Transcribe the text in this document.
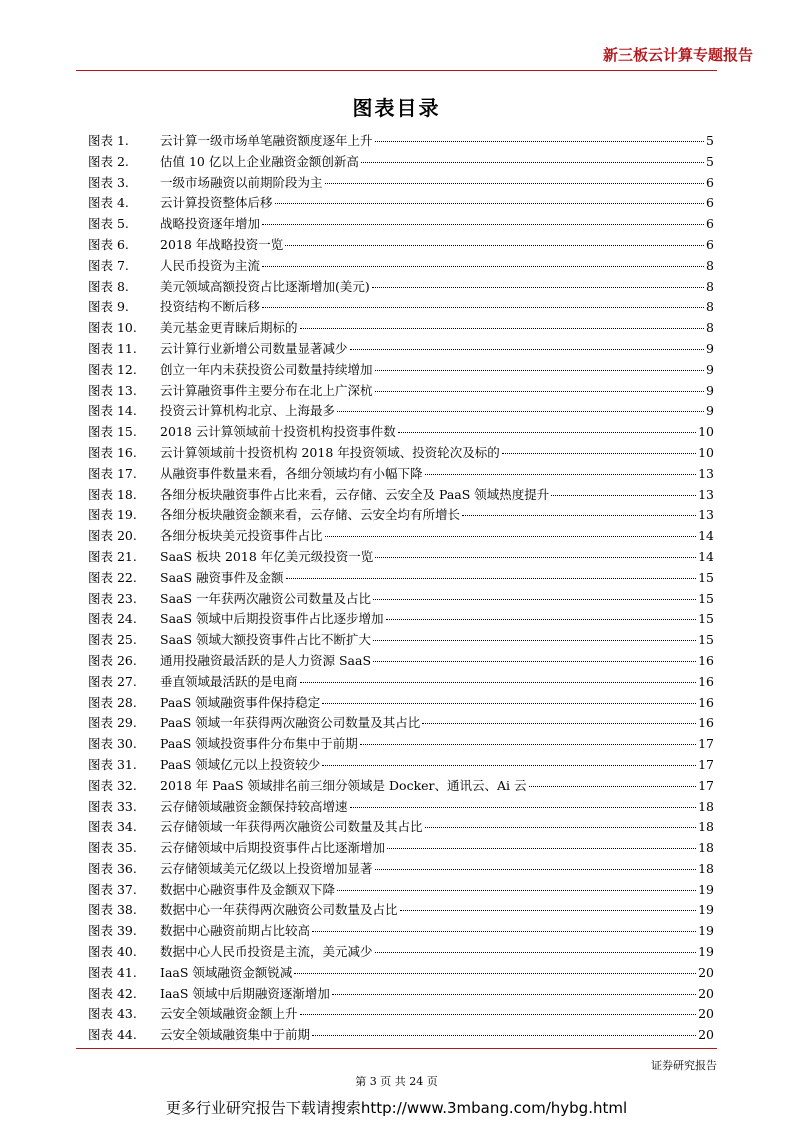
新三板云计算专题报告
图表目录
图表 1.	云计算一级市场单笔融资额度逐年上升	5
图表 2.	估值 10 亿以上企业融资金额创新高	5
图表 3.	一级市场融资以前期阶段为主	6
图表 4.	云计算投资整体后移	6
图表 5.	战略投资逐年增加	6
图表 6.	2018 年战略投资一览	6
图表 7.	人民币投资为主流	8
图表 8.	美元领域高额投资占比逐渐增加(美元)	8
图表 9.	投资结构不断后移	8
图表 10.	美元基金更青睐后期标的	8
图表 11.	云计算行业新增公司数量显著减少	9
图表 12.	创立一年内未获投资公司数量持续增加	9
图表 13.	云计算融资事件主要分布在北上广深杭	9
图表 14.	投资云计算机构北京、上海最多	9
图表 15.	2018 云计算领域前十投资机构投资事件数	10
图表 16.	云计算领域前十投资机构 2018 年投资领域、投资轮次及标的	10
图表 17.	从融资事件数量来看，各细分领域均有小幅下降	13
图表 18.	各细分板块融资事件占比来看，云存储、云安全及 PaaS 领域热度提升	13
图表 19.	各细分板块融资金额来看，云存储、云安全均有所增长	13
图表 20.	各细分板块美元投资事件占比	14
图表 21.	SaaS 板块 2018 年亿美元级投资一览	14
图表 22.	SaaS 融资事件及金额	15
图表 23.	SaaS 一年获两次融资公司数量及占比	15
图表 24.	SaaS 领域中后期投资事件占比逐步增加	15
图表 25.	SaaS 领域大额投资事件占比不断扩大	15
图表 26.	通用投融资最活跃的是人力资源 SaaS	16
图表 27.	垂直领域最活跃的是电商	16
图表 28.	PaaS 领域融资事件保持稳定	16
图表 29.	PaaS 领域一年获得两次融资公司数量及其占比	16
图表 30.	PaaS 领域投资事件分布集中于前期	17
图表 31.	PaaS 领域亿元以上投资较少	17
图表 32.	2018 年 PaaS 领域排名前三细分领域是 Docker、通讯云、Ai 云	17
图表 33.	云存储领域融资金额保持较高增速	18
图表 34.	云存储领域一年获得两次融资公司数量及其占比	18
图表 35.	云存储领域中后期投资事件占比逐渐增加	18
图表 36.	云存储领域美元亿级以上投资增加显著	18
图表 37.	数据中心融资事件及金额双下降	19
图表 38.	数据中心一年获得两次融资公司数量及占比	19
图表 39.	数据中心融资前期占比较高	19
图表 40.	数据中心人民币投资是主流，美元减少	19
图表 41.	IaaS 领域融资金额锐减	20
图表 42.	IaaS 领域中后期融资逐渐增加	20
图表 43.	云安全领域融资金额上升	20
图表 44.	云安全领域融资集中于前期	20
证券研究报告
第 3 页 共 24 页
更多行业研究报告下载请搜索http://www.3mbang.com/hybg.html
